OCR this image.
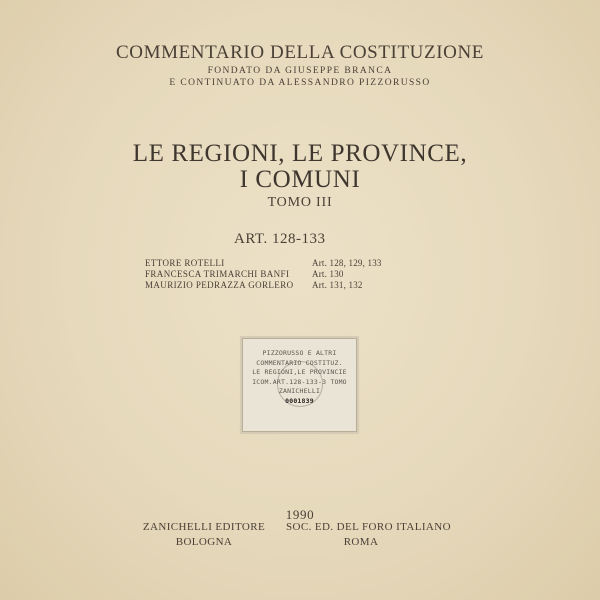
COMMENTARIO DELLA COSTITUZIONE
FONDATO DA GIUSEPPE BRANCA
E CONTINUATO DA ALESSANDRO PIZZORUSSO
LE REGIONI, LE PROVINCE,
I COMUNI
TOMO III
ART. 128-133
ETTORE ROTELLI	Art. 128, 129, 133
FRANCESCA TRIMARCHI BANFI	Art. 130
MAURIZIO PEDRAZZA GORLERO Art. 131, 132
PIZZORUSSO E ALTRI
COMMENTARIO COSTITUZ.
LE REGIONI,LE PROVINCIE
ICOM.ART.128-133-3 TOMO
ZANICHELLI
0001839
1990
ZANICHELLI EDITORE
BOLOGNA
SOC. ED. DEL FORO ITALIANO
ROMA
